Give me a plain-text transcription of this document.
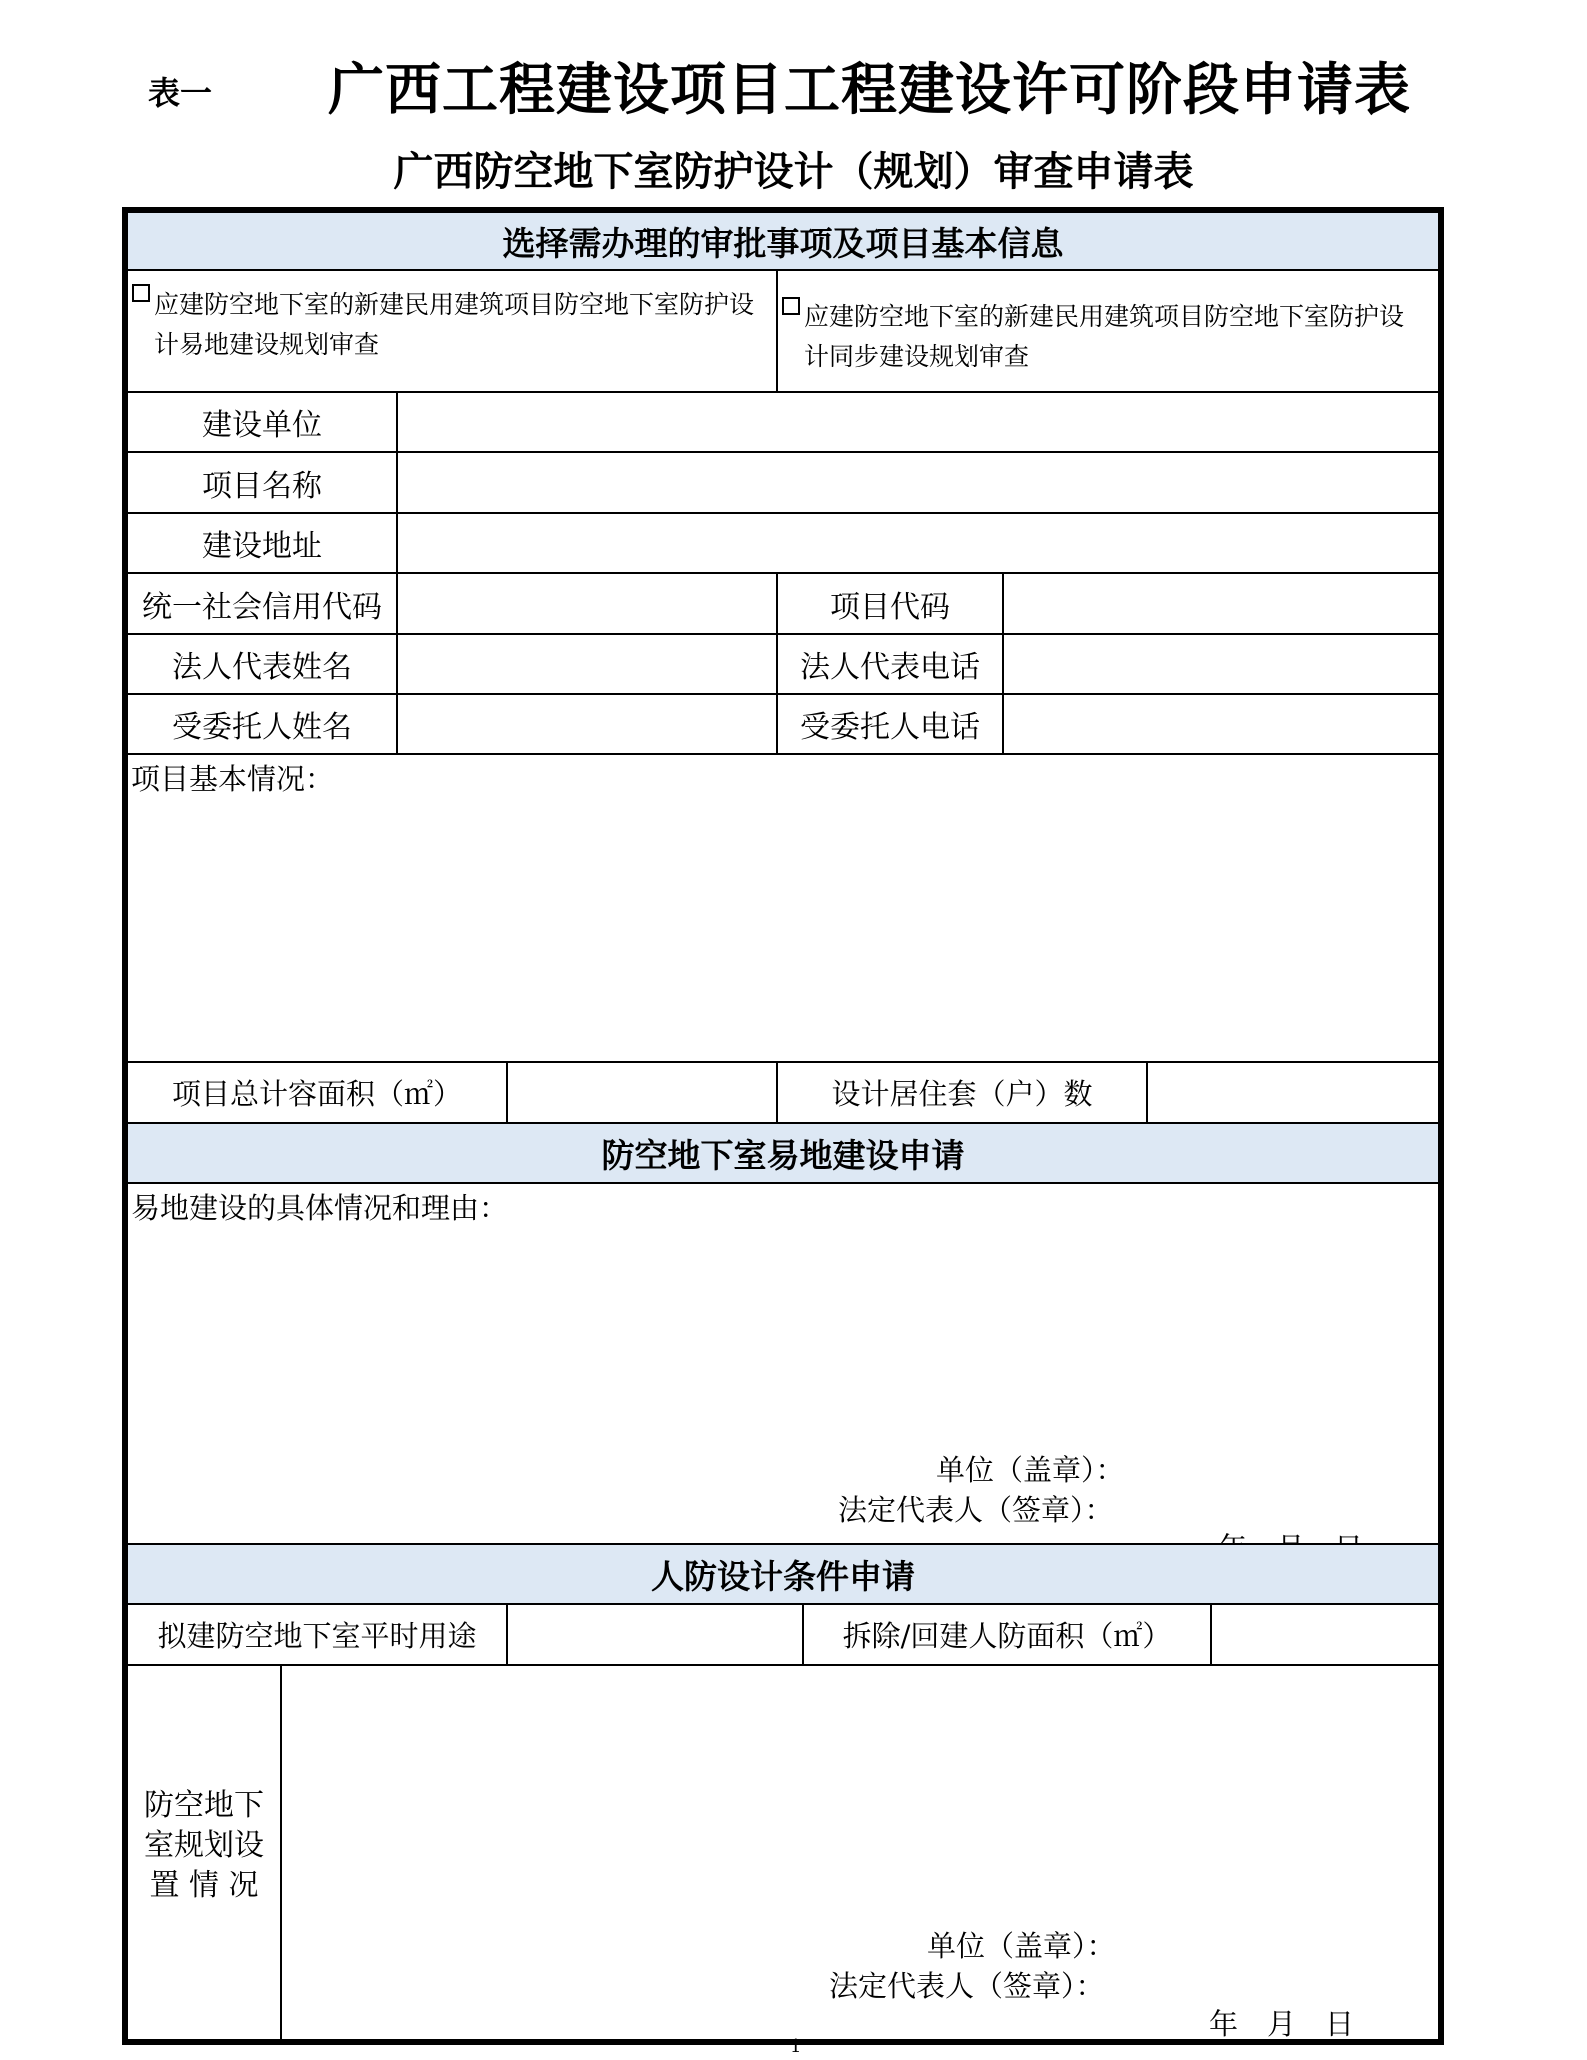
表一 广西工程建设项目工程建设许可阶段申请表
广西防空地下室防护设计（规划）审查申请表
选择需办理的审批事项及项目基本信息
应建防空地下室的新建民用建筑项目防空地下室防护设计易地建设规划审查
应建防空地下室的新建民用建筑项目防空地下室防护设计同步建设规划审查
建设单位
项目名称
建设地址
统一社会信用代码	项目代码
法人代表姓名	法人代表电话
受委托人姓名	受委托人电话
项目基本情况：
项目总计容面积（㎡）	设计居住套（户）数
防空地下室易地建设申请
易地建设的具体情况和理由：
单位（盖章）：
法定代表人（签章）：
人防设计条件申请
拟建防空地下室平时用途	拆除/回建人防面积（㎡）
防空地下
室规划设
置 情 况
单位（盖章）：
法定代表人（签章）：
年　月　日
1
